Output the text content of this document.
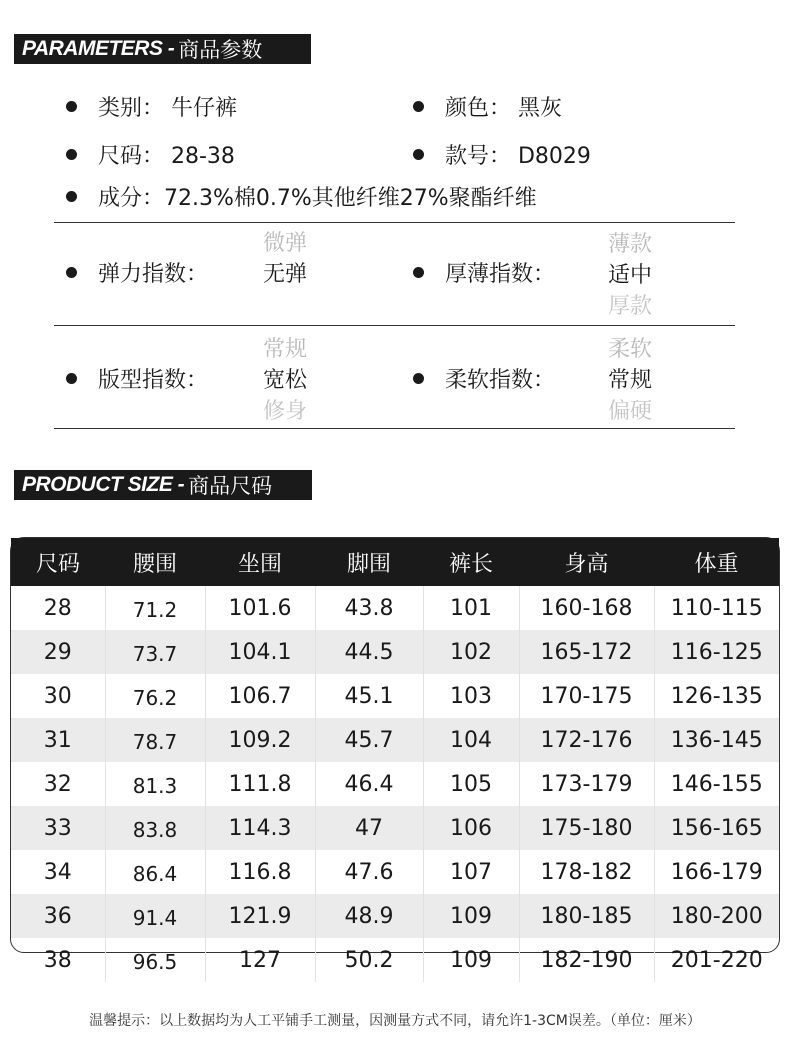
PARAMETERS - 商品参数
类别： 牛仔裤	颜色： 黑灰
尺码： 28-38	款号： D8029
成分：72.3%棉0.7%其他纤维27%聚酯纤维
弹力指数：
微弹
无弹	厚薄指数：
薄款
适中
厚款
版型指数：
常规
宽松
修身
柔软指数：
柔软
常规
偏硬
PRODUCT SIZE - 商品尺码
尺码	腰围	坐围	脚围	裤长	身高	体重
28	71.2	101.6	43.8	101	160-168	110-115
29	73.7	104.1	44.5	102	165-172	116-125
30	76.2	106.7	45.1	103	170-175	126-135
31	78.7	109.2	45.7	104	172-176	136-145
32	81.3	111.8	46.4	105	173-179	146-155
33	83.8	114.3	47	106	175-180	156-165
34	86.4	116.8	47.6	107	178-182	166-179
36	91.4	121.9	48.9	109	180-185	180-200
38	96.5	127	50.2	109	182-190	201-220
温馨提示：以上数据均为人工平铺手工测量，因测量方式不同，请允许1-3CM误差。（单位：厘米）
